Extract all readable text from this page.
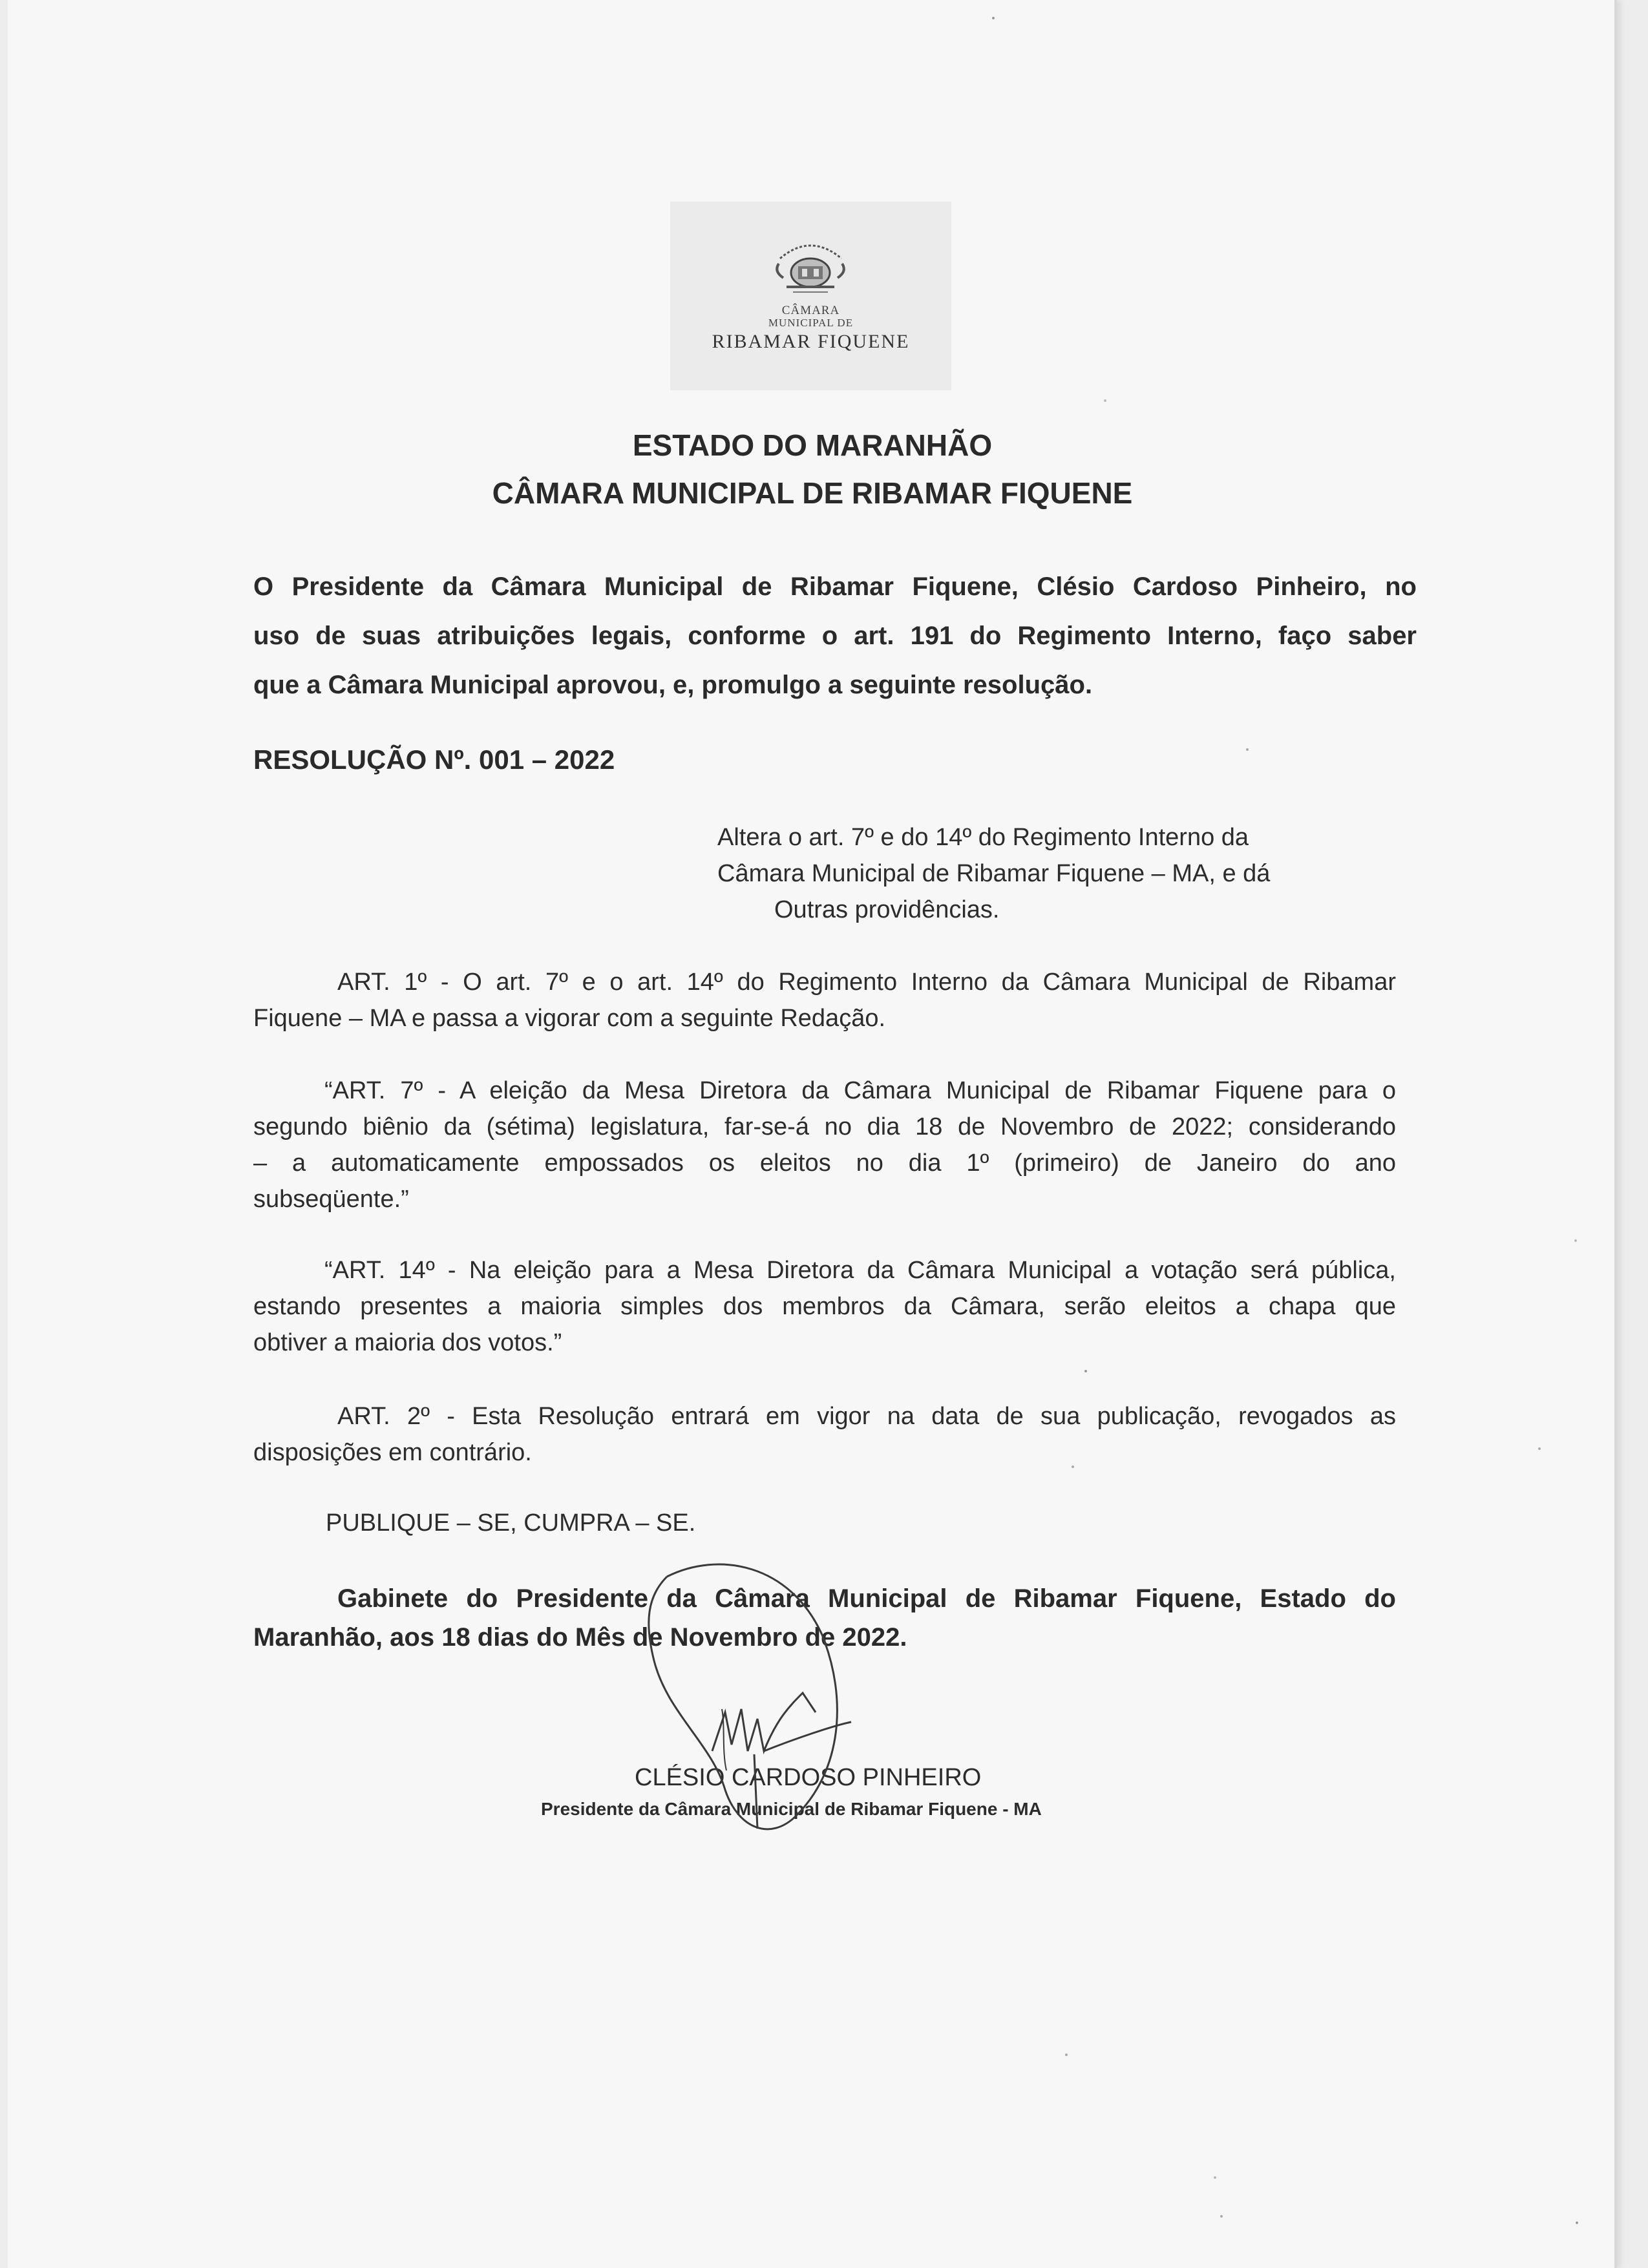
CÂMARA
MUNICIPAL DE
RIBAMAR FIQUENE
ESTADO DO MARANHÃO
CÂMARA MUNICIPAL DE RIBAMAR FIQUENE
O Presidente da Câmara Municipal de Ribamar Fiquene, Clésio Cardoso Pinheiro, no
uso de suas atribuições legais, conforme o art. 191 do Regimento Interno, faço saber
que a Câmara Municipal aprovou, e, promulgo a seguinte resolução.
RESOLUÇÃO Nº. 001 – 2022
Altera o art. 7º e do 14º do Regimento Interno da
Câmara Municipal de Ribamar Fiquene – MA, e dá
Outras providências.
ART. 1º - O art. 7º e o art. 14º do Regimento Interno da Câmara Municipal de Ribamar
Fiquene – MA e passa a vigorar com a seguinte Redação.
“ART. 7º - A eleição da Mesa Diretora da Câmara Municipal de Ribamar Fiquene para o
segundo biênio da (sétima) legislatura, far-se-á no dia 18 de Novembro de 2022; considerando
– a automaticamente empossados os eleitos no dia 1º (primeiro) de Janeiro do ano
subseqüente.”
“ART. 14º - Na eleição para a Mesa Diretora da Câmara Municipal a votação será pública,
estando presentes a maioria simples dos membros da Câmara, serão eleitos a chapa que
obtiver a maioria dos votos.”
ART. 2º - Esta Resolução entrará em vigor na data de sua publicação, revogados as
disposições em contrário.
PUBLIQUE – SE, CUMPRA – SE.
Gabinete do Presidente da Câmara Municipal de Ribamar Fiquene, Estado do
Maranhão, aos 18 dias do Mês de Novembro de 2022.
CLÉSIO CARDOSO PINHEIRO
Presidente da Câmara Municipal de Ribamar Fiquene - MA
